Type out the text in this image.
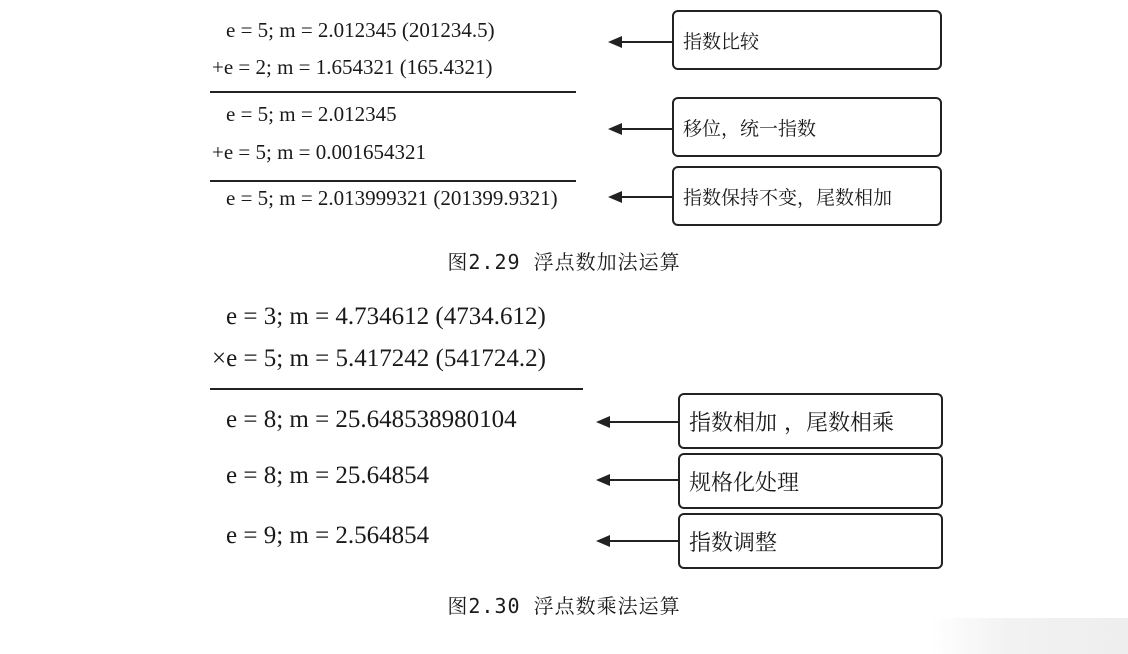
e = 5; m = 2.012345 (201234.5)
+e = 2; m = 1.654321 (165.4321)
e = 5; m = 2.012345
+e = 5; m = 0.001654321
e = 5; m = 2.013999321 (201399.9321)
指数比较
移位，统一指数
指数保持不变，尾数相加
图2.29 浮点数加法运算
e = 3; m = 4.734612 (4734.612)
×e = 5; m = 5.417242 (541724.2)
e = 8; m = 25.648538980104
e = 8; m = 25.64854
e = 9; m = 2.564854
指数相加 ，尾数相乘
规格化处理
指数调整
图2.30 浮点数乘法运算
